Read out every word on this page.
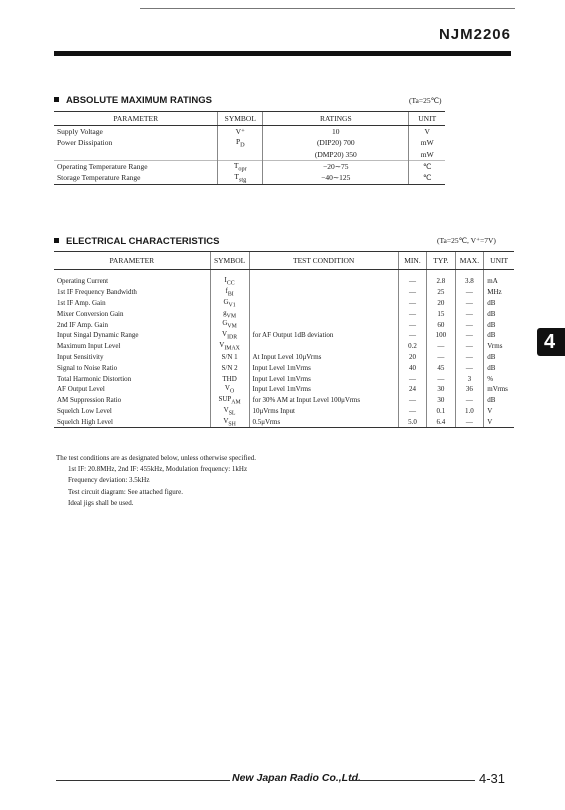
NJM2206
ABSOLUTE MAXIMUM RATINGS	(Ta=25℃)
PARAMETER	SYMBOL	RATINGS	UNIT
Supply Voltage	V⁺	10	V
Power Dissipation	$P_D$	(DIP20) 700	mW
		(DMP20) 350	mW
Operating Temperature Range	$T_{opr}$	−20∼75	℃
Storage Temperature Range	$T_{stg}$	−40∼125	℃
ELECTRICAL CHARACTERISTICS	(Ta=25℃, V⁺=7V)
PARAMETER	SYMBOL	TEST CONDITION	MIN.	TYP.	MAX.	UNIT
Operating Current	$I_{CC}$		—	2.8	3.8	mA
1st IF Frequency Bandwidth	$f_{BI}$		—	25	—	MHz
1st IF Amp. Gain	$G_{V1}$		—	20	—	dB
Mixer Conversion Gain	$g_{VM}$		—	15	—	dB
2nd IF Amp. Gain	$G_{VM}$		—	60	—	dB
Input Singal Dynamic Range	$V_{IDR}$	for AF Output 1dB deviation	—	100	—	dB
Maximum Input Level	$V_{IMAX}$		0.2	—	—	Vrms
Input Sensitivity	S/N 1	At Input Level 10μVrms	20	—	—	dB
Signal to Noise Ratio	S/N 2	Input Level 1mVrms	40	45	—	dB
Total Harmonic Distortion	THD	Input Level 1mVrms	—	—	3	%
AF Output Level	$V_O$	Input Level 1mVrms	24	30	36	mVrms
AM Suppression Ratio	$SUP_{AM}$	for 30% AM at Input Level 100μVrms	—	30	—	dB
Squelch Low Level	$V_{SL}$	10μVrms Input	—	0.1	1.0	V
Squelch High Level	$V_{SH}$	0.5μVrms	5.0	6.4	—	V
The test conditions are as designated below, unless otherwise specified.
1st IF: 20.8MHz, 2nd IF: 455kHz, Modulation frequency: 1kHz
Frequency deviation: 3.5kHz
Test circuit diagram: See attached figure.
Ideal jigs shall be used.
4
New Japan Radio Co.,Ltd.	4-31
